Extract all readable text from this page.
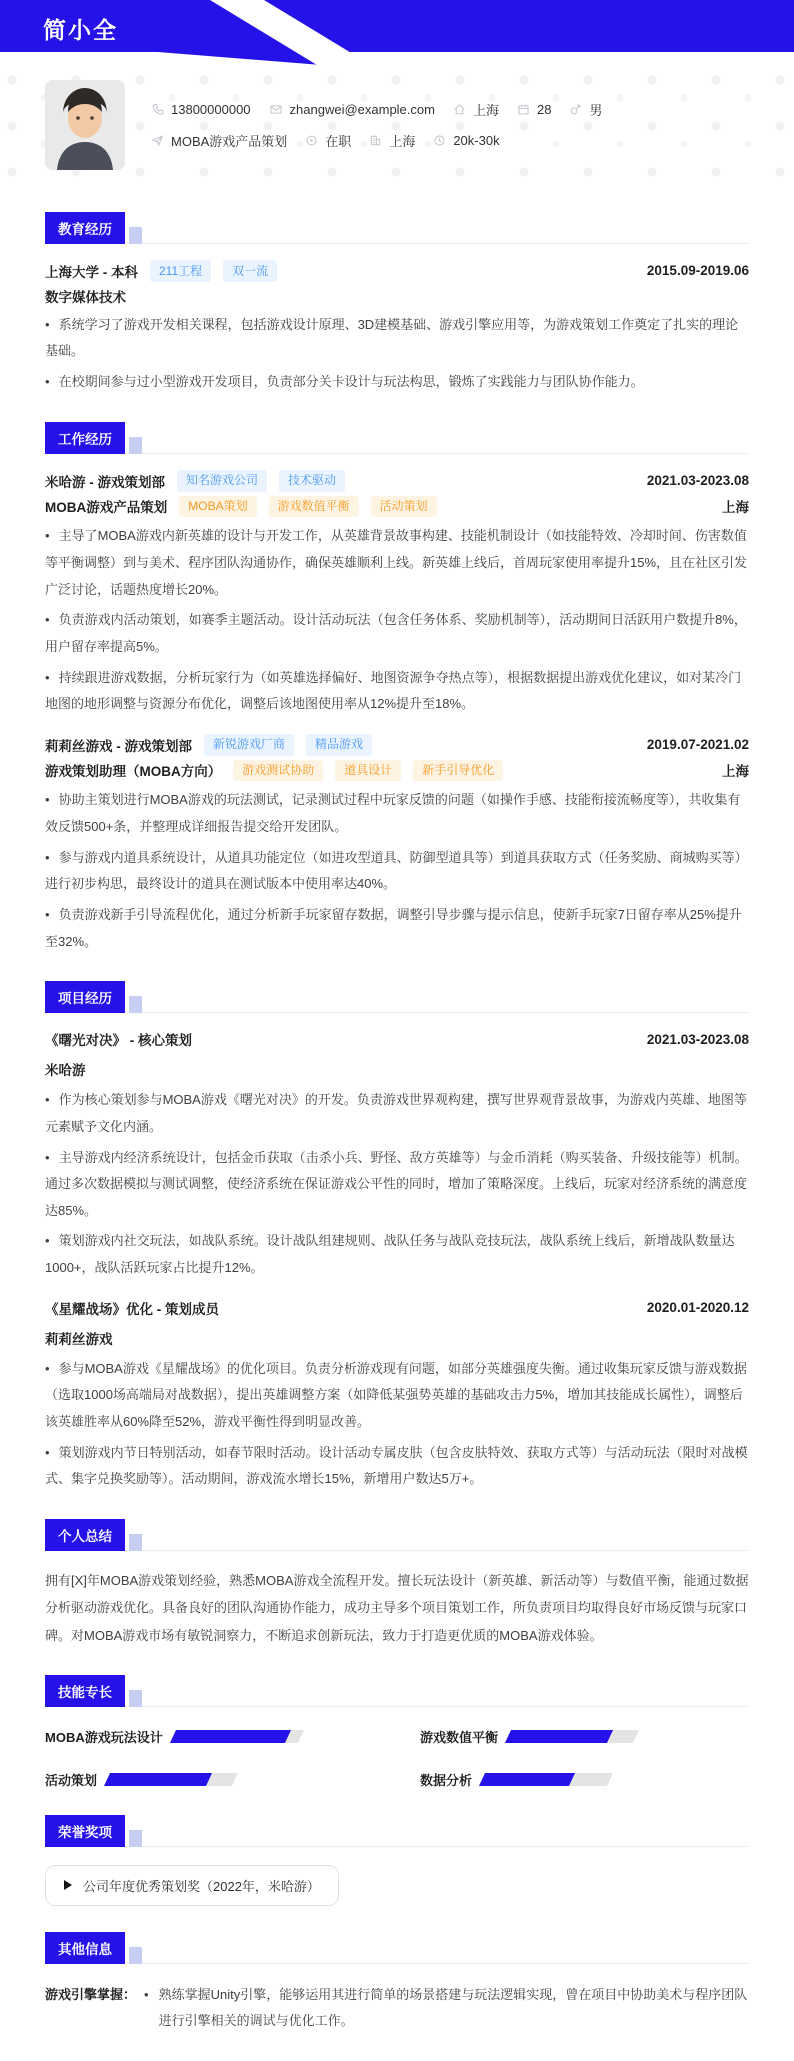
简小全
13800000000	zhangwei@example.com	上海	28	男
MOBA游戏产品策划	在职	上海	20k-30k
教育经历
上海大学 - 本科	211工程	双一流	2015.09-2019.06
数字媒体技术

• 系统学习了游戏开发相关课程，包括游戏设计原理、3D建模基础、游戏引擎应用等，为游戏策划工作奠定了扎实的理论基础。

• 在校期间参与过小型游戏开发项目，负责部分关卡设计与玩法构思，锻炼了实践能力与团队协作能力。

工作经历
米哈游 - 游戏策划部	知名游戏公司	技术驱动	2021.03-2023.08
MOBA游戏产品策划	MOBA策划	游戏数值平衡	活动策划	上海

• 主导了MOBA游戏内新英雄的设计与开发工作，从英雄背景故事构建、技能机制设计（如技能特效、冷却时间、伤害数值等平衡调整）到与美术、程序团队沟通协作，确保英雄顺利上线。新英雄上线后，首周玩家使用率提升15%，且在社区引发广泛讨论，话题热度增长20%。

• 负责游戏内活动策划，如赛季主题活动。设计活动玩法（包含任务体系、奖励机制等），活动期间日活跃用户数提升8%，用户留存率提高5%。

• 持续跟进游戏数据，分析玩家行为（如英雄选择偏好、地图资源争夺热点等），根据数据提出游戏优化建议，如对某冷门地图的地形调整与资源分布优化，调整后该地图使用率从12%提升至18%。

莉莉丝游戏 - 游戏策划部	新锐游戏厂商	精品游戏	2019.07-2021.02
游戏策划助理（MOBA方向）	游戏测试协助	道具设计	新手引导优化	上海

• 协助主策划进行MOBA游戏的玩法测试，记录测试过程中玩家反馈的问题（如操作手感、技能衔接流畅度等），共收集有效反馈500+条，并整理成详细报告提交给开发团队。

• 参与游戏内道具系统设计，从道具功能定位（如进攻型道具、防御型道具等）到道具获取方式（任务奖励、商城购买等）进行初步构思，最终设计的道具在测试版本中使用率达40%。

• 负责游戏新手引导流程优化，通过分析新手玩家留存数据，调整引导步骤与提示信息，使新手玩家7日留存率从25%提升至32%。

项目经历
《曙光对决》 - 核心策划	2021.03-2023.08
米哈游

• 作为核心策划参与MOBA游戏《曙光对决》的开发。负责游戏世界观构建，撰写世界观背景故事，为游戏内英雄、地图等元素赋予文化内涵。

• 主导游戏内经济系统设计，包括金币获取（击杀小兵、野怪、敌方英雄等）与金币消耗（购买装备、升级技能等）机制。通过多次数据模拟与测试调整，使经济系统在保证游戏公平性的同时，增加了策略深度。上线后，玩家对经济系统的满意度达85%。

• 策划游戏内社交玩法，如战队系统。设计战队组建规则、战队任务与战队竞技玩法，战队系统上线后，新增战队数量达1000+，战队活跃玩家占比提升12%。

《星耀战场》优化 - 策划成员	2020.01-2020.12
莉莉丝游戏

• 参与MOBA游戏《星耀战场》的优化项目。负责分析游戏现有问题，如部分英雄强度失衡。通过收集玩家反馈与游戏数据（选取1000场高端局对战数据），提出英雄调整方案（如降低某强势英雄的基础攻击力5%，增加其技能成长属性），调整后该英雄胜率从60%降至52%，游戏平衡性得到明显改善。

• 策划游戏内节日特别活动，如春节限时活动。设计活动专属皮肤（包含皮肤特效、获取方式等）与活动玩法（限时对战模式、集字兑换奖励等）。活动期间，游戏流水增长15%，新增用户数达5万+。

个人总结

拥有[X]年MOBA游戏策划经验，熟悉MOBA游戏全流程开发。擅长玩法设计（新英雄、新活动等）与数值平衡，能通过数据分析驱动游戏优化。具备良好的团队沟通协作能力，成功主导多个项目策划工作，所负责项目均取得良好市场反馈与玩家口碑。对MOBA游戏市场有敏锐洞察力，不断追求创新玩法，致力于打造更优质的MOBA游戏体验。

技能专长
MOBA游戏玩法设计	游戏数值平衡
活动策划	数据分析
荣誉奖项
公司年度优秀策划奖（2022年，米哈游）
其他信息
游戏引擎掌握： • 熟练掌握Unity引擎，能够运用其进行简单的场景搭建与玩法逻辑实现，曾在项目中协助美术与程序团队进行引擎相关的调试与优化工作。
